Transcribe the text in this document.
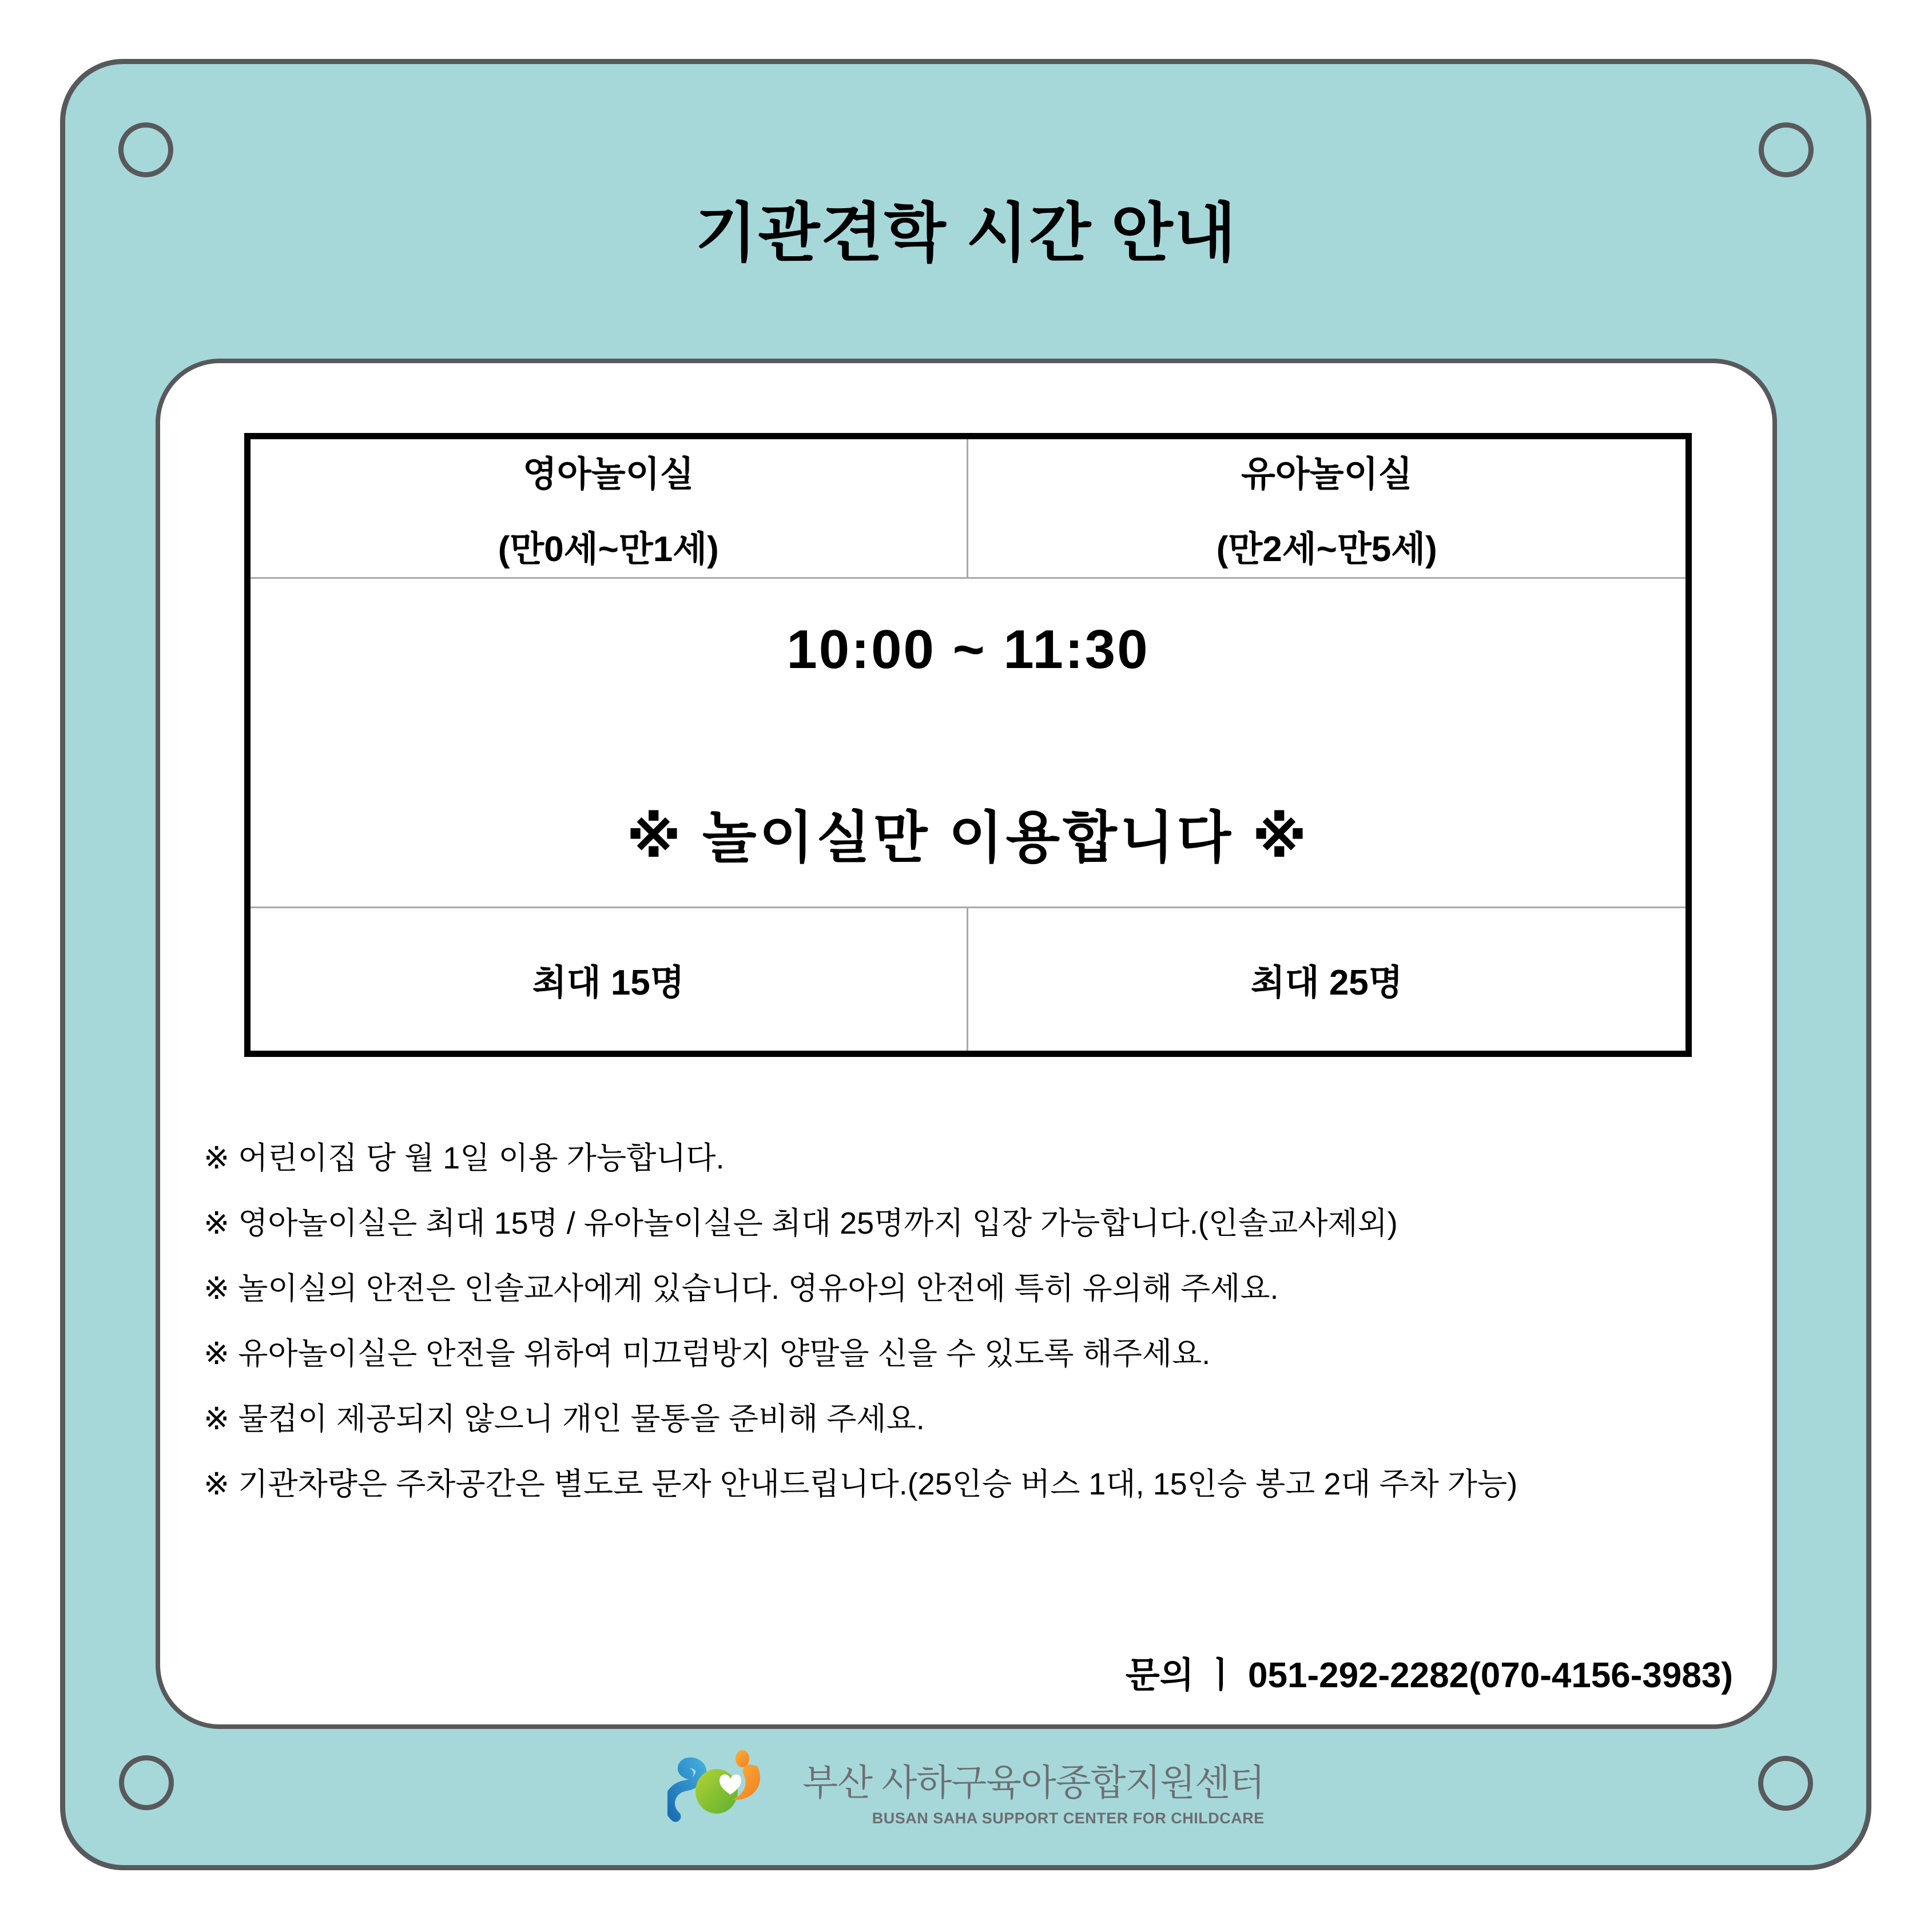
기관견학 시간 안내
영아놀이실
(만0세~만1세)
유아놀이실
(만2세~만5세)
10:00 ~ 11:30
※ 놀이실만 이용합니다 ※
최대 15명	최대 25명
※ 어린이집 당 월 1일 이용 가능합니다.
※ 영아놀이실은 최대 15명 / 유아놀이실은 최대 25명까지 입장 가능합니다.(인솔교사제외)
※ 놀이실의 안전은 인솔교사에게 있습니다. 영유아의 안전에 특히 유의해 주세요.
※ 유아놀이실은 안전을 위하여 미끄럼방지 양말을 신을 수 있도록 해주세요.
※ 물컵이 제공되지 않으니 개인 물통을 준비해 주세요.
※ 기관차량은 주차공간은 별도로 문자 안내드립니다.(25인승 버스 1대, 15인승 봉고 2대 주차 가능)
문의 ㅣ 051-292-2282(070-4156-3983)
부산 사하구육아종합지원센터
BUSAN SAHA SUPPORT CENTER FOR CHILDCARE
